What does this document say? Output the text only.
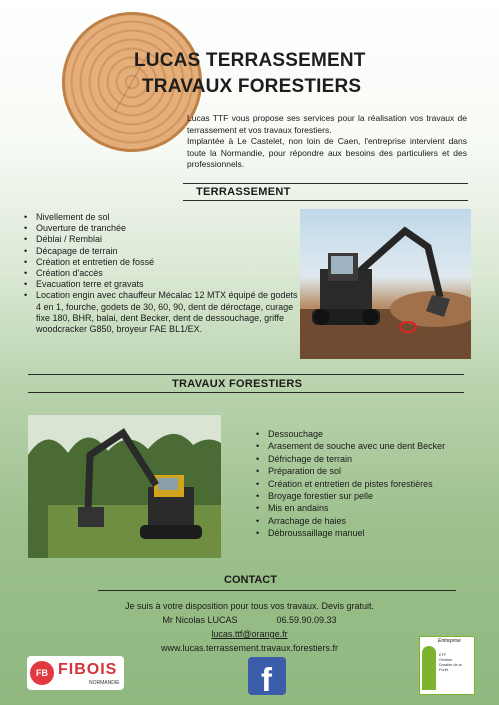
LUCAS TERRASSEMENT
TRAVAUX FORESTIERS

Lucas TTF vous propose ses services pour la réalisation vos travaux de terrassement et vos travaux forestiers.

Implantée à Le Castelet, non loin de Caen, l'entreprise intervient dans toute la Normandie, pour répondre aux besoins des particuliers et des professionnels.

TERRASSEMENT
• Nivellement de sol
• Ouverture de tranchée
• Déblai / Remblai
• Décapage de terrain
• Création et entretien de fossé
• Création d'accès
• Evacuation terre et gravats
• Location engin avec chauffeur Mécalac 12 MTX équipé de godets 4 en 1, fourche, godets de 30, 60, 90, dent de déroctage, curage fixe 180, BHR, balai, dent Becker, dent de dessouchage, griffe woodcracker G850, broyeur FAE BL1/EX.
TRAVAUX FORESTIERS
• Dessouchage
• Arasement de souche avec une dent Becker
• Défrichage de terrain
• Préparation de sol
• Création et entretien de pistes forestières
• Broyage forestier sur pelle
• Mis en andains
• Arrachage de haies
• Débroussaillage manuel
CONTACT
Je suis à votre disposition pour tous vos travaux. Devis gratuit.
Mr Nicolas LUCAS	06.59.90.09.33
lucas.ttf@orange.fr
www.lucas.terrassement.travaux.forestiers.fr
FB FIBOIS
NORMANDIE	f
Entreprise
ETF
Gestion
Durable de la
Forêt
